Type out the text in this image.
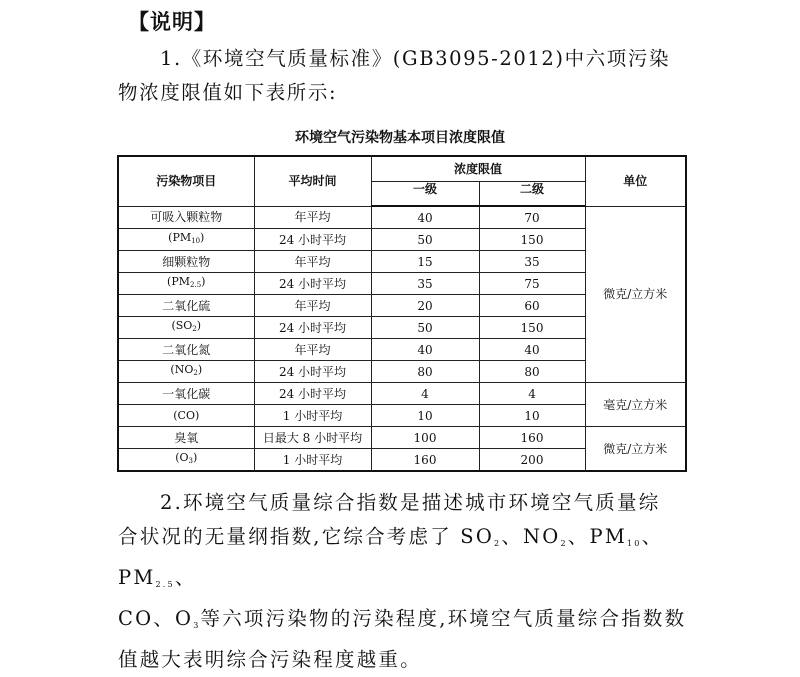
【说明】
1.《环境空气质量标准》(GB3095-2012)中六项污染物浓度限值如下表所示:
环境空气污染物基本项目浓度限值
污染物项目	平均时间	浓度限值		单位
		一级	二级	
可吸入颗粒物	年平均	40	70	微克/立方米
(PM10)	24 小时平均	50	150	
细颗粒物	年平均	15	35	
(PM2.5)	24 小时平均	35	75	
二氧化硫	年平均	20	60	
(SO2)	24 小时平均	50	150	
二氧化氮	年平均	40	40	
(NO2)	24 小时平均	80	80	
一氧化碳	24 小时平均	4	4	毫克/立方米
(CO)	1 小时平均	10	10	
臭氧	日最大 8 小时平均	100	160	微克/立方米
(O3)	1 小时平均	160	200	
2.环境空气质量综合指数是描述城市环境空气质量综
合状况的无量纲指数,它综合考虑了 $SO_2$、$NO_2$、$PM_{10}$、$PM_{2.5}$、
CO、$O_3$等六项污染物的污染程度,环境空气质量综合指数数
值越大表明综合污染程度越重。
